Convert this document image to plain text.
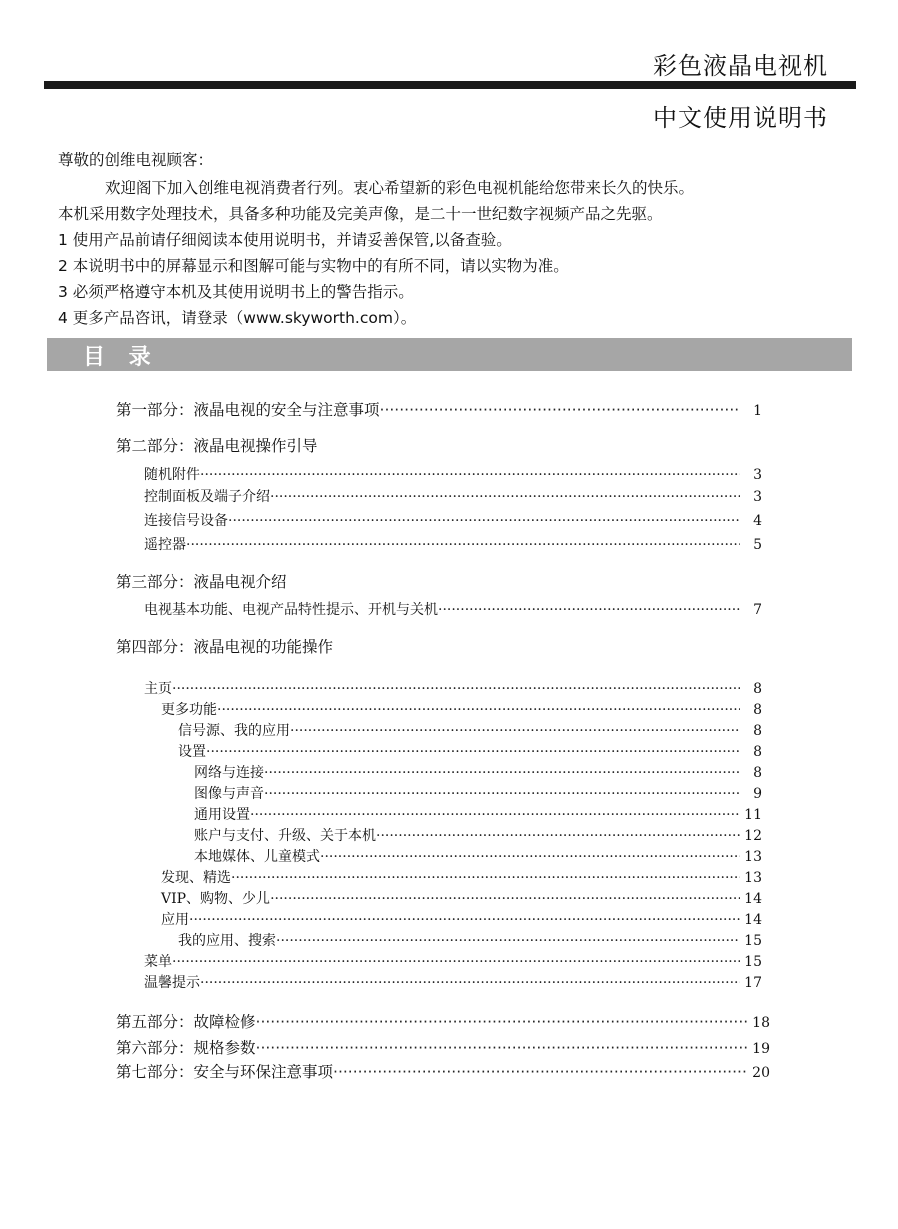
彩色液晶电视机
中文使用说明书
尊敬的创维电视顾客：
欢迎阁下加入创维电视消费者行列。衷心希望新的彩色电视机能给您带来长久的快乐。
本机采用数字处理技术，具备多种功能及完美声像，是二十一世纪数字视频产品之先驱。
1 使用产品前请仔细阅读本使用说明书，并请妥善保管,以备查验。
2 本说明书中的屏幕显示和图解可能与实物中的有所不同，请以实物为准。
3 必须严格遵守本机及其使用说明书上的警告指示。
4 更多产品咨讯，请登录（www.skyworth.com）。
目 录
第一部分：液晶电视的安全与注意事项 ·····	1
第二部分：液晶电视操作引导
随机附件 ·····	3
控制面板及端子介绍 ·····	3
连接信号设备 ·····	4
遥控器 ·····	5
第三部分：液晶电视介绍
电视基本功能、电视产品特性提示、开机与关机 ·····	7
第四部分：液晶电视的功能操作
主页 ·····	8
更多功能 ·····	8
信号源、我的应用 ·····	8
设置 ·····	8
网络与连接 ·····	8
图像与声音 ·····	9
通用设置 ·····	11
账户与支付、升级、关于本机 ·····	12
本地媒体、儿童模式 ·····	13
发现、精选 ·····	13
VIP、购物、少儿 ·····	14
应用 ·····	14
我的应用、搜索 ·····	15
菜单 ·····	15
温馨提示 ·····	17
第五部分：故障检修 ·····	18
第六部分：规格参数 ·····	19
第七部分：安全与环保注意事项 ·····	20
